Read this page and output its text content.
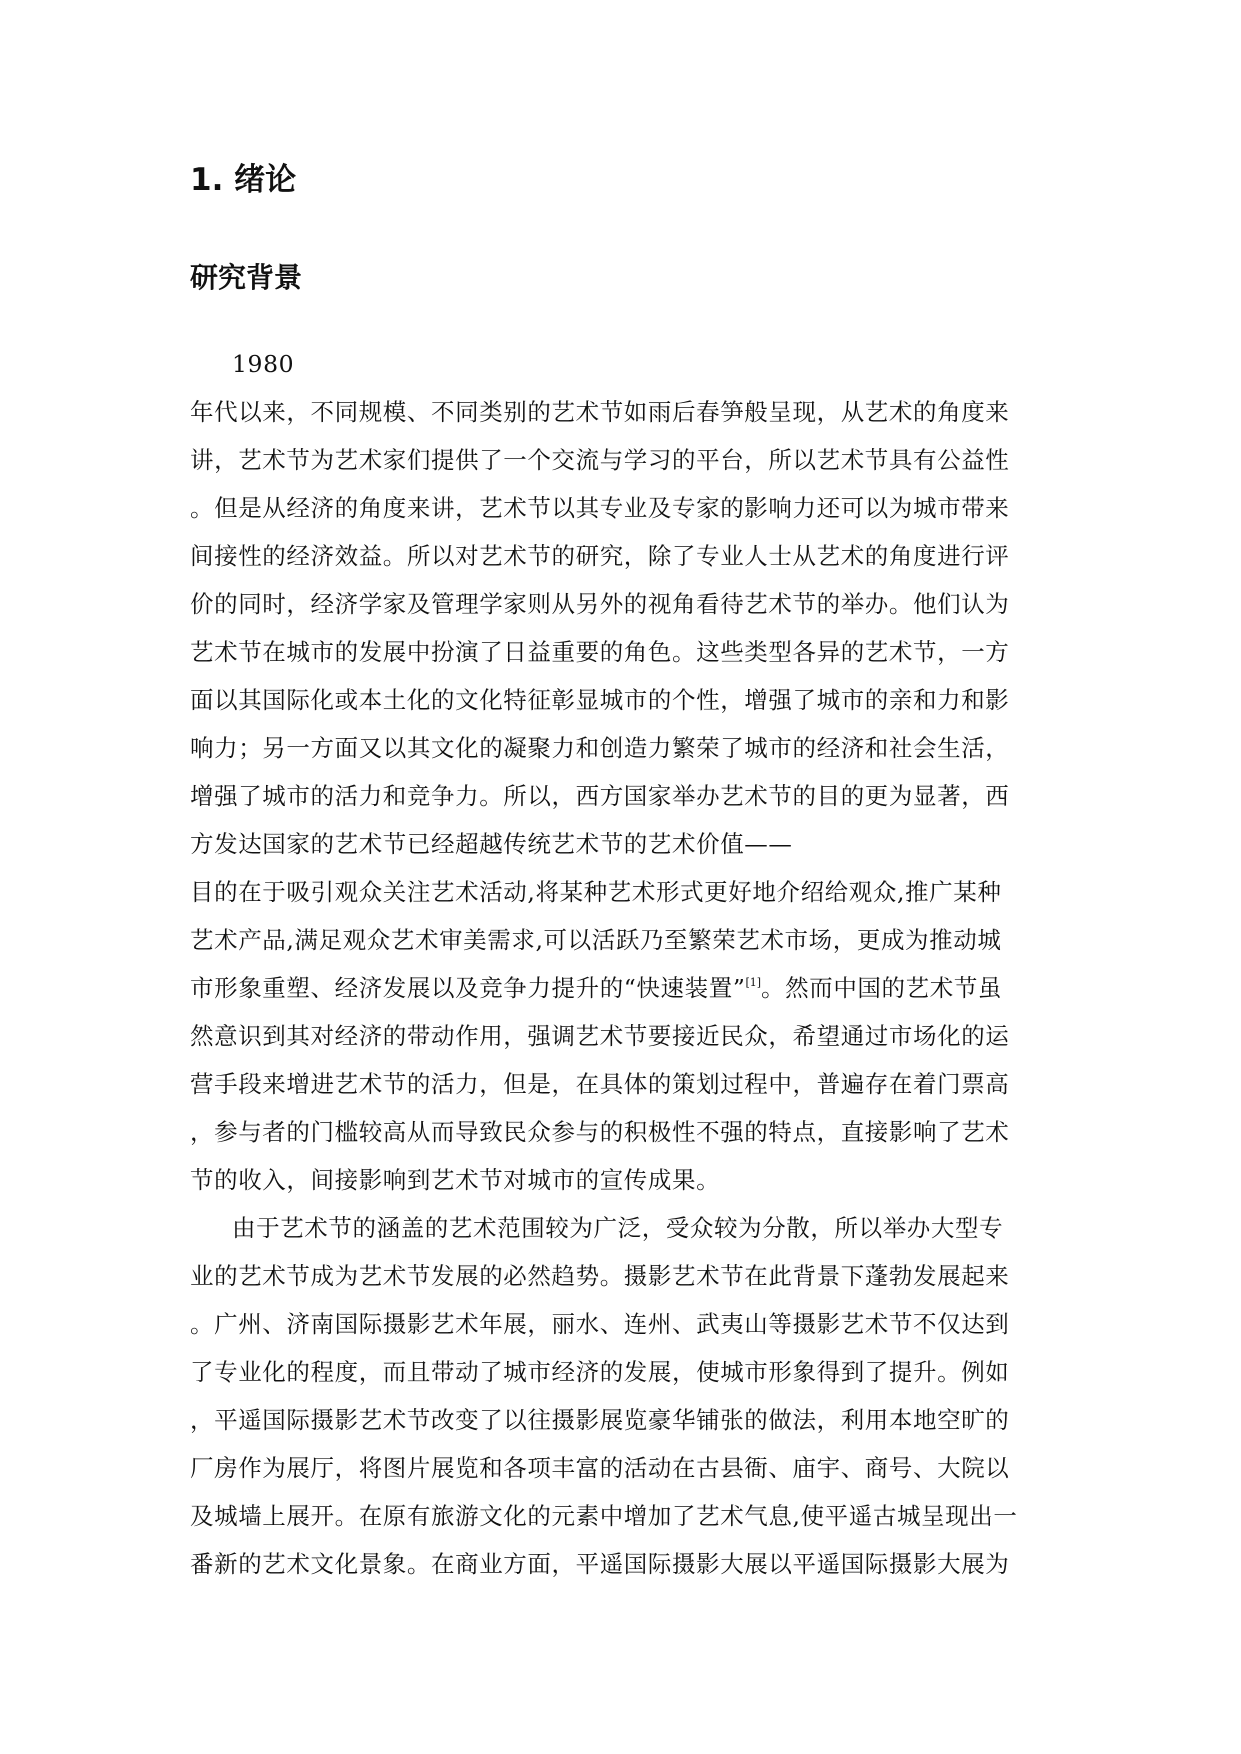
1. 绪论
研究背景
1980
年代以来，不同规模、不同类别的艺术节如雨后春笋般呈现，从艺术的角度来
讲，艺术节为艺术家们提供了一个交流与学习的平台，所以艺术节具有公益性
。但是从经济的角度来讲，艺术节以其专业及专家的影响力还可以为城市带来
间接性的经济效益。所以对艺术节的研究，除了专业人士从艺术的角度进行评
价的同时，经济学家及管理学家则从另外的视角看待艺术节的举办。他们认为
艺术节在城市的发展中扮演了日益重要的角色。这些类型各异的艺术节，一方
面以其国际化或本土化的文化特征彰显城市的个性，增强了城市的亲和力和影
响力；另一方面又以其文化的凝聚力和创造力繁荣了城市的经济和社会生活，
增强了城市的活力和竞争力。所以，西方国家举办艺术节的目的更为显著，西
方发达国家的艺术节已经超越传统艺术节的艺术价值——
目的在于吸引观众关注艺术活动,将某种艺术形式更好地介绍给观众,推广某种
艺术产品,满足观众艺术审美需求,可以活跃乃至繁荣艺术市场，更成为推动城
市形象重塑、经济发展以及竞争力提升的“快速装置”[1]。然而中国的艺术节虽
然意识到其对经济的带动作用，强调艺术节要接近民众，希望通过市场化的运
营手段来增进艺术节的活力，但是，在具体的策划过程中，普遍存在着门票高
，参与者的门槛较高从而导致民众参与的积极性不强的特点，直接影响了艺术
节的收入，间接影响到艺术节对城市的宣传成果。
由于艺术节的涵盖的艺术范围较为广泛，受众较为分散，所以举办大型专
业的艺术节成为艺术节发展的必然趋势。摄影艺术节在此背景下蓬勃发展起来
。广州、济南国际摄影艺术年展，丽水、连州、武夷山等摄影艺术节不仅达到
了专业化的程度，而且带动了城市经济的发展，使城市形象得到了提升。例如
，平遥国际摄影艺术节改变了以往摄影展览豪华铺张的做法，利用本地空旷的
厂房作为展厅，将图片展览和各项丰富的活动在古县衙、庙宇、商号、大院以
及城墙上展开。在原有旅游文化的元素中增加了艺术气息,使平遥古城呈现出一
番新的艺术文化景象。在商业方面，平遥国际摄影大展以平遥国际摄影大展为
